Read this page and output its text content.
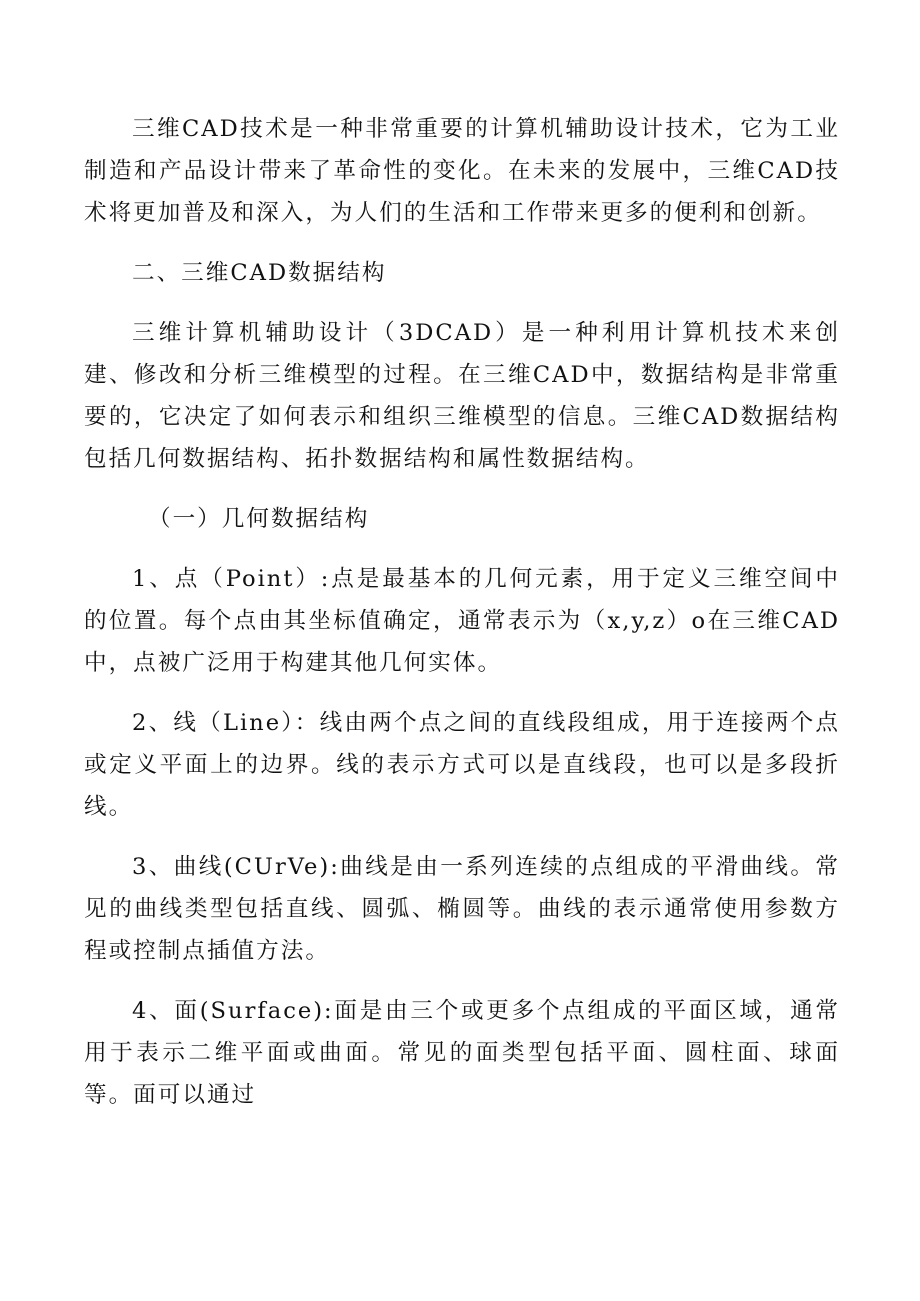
三维CAD技术是一种非常重要的计算机辅助设计技术，它为工业制造和产品设计带来了革命性的变化。在未来的发展中，三维CAD技术将更加普及和深入，为人们的生活和工作带来更多的便利和创新。

二、三维CAD数据结构

三维计算机辅助设计（3DCAD）是一种利用计算机技术来创建、修改和分析三维模型的过程。在三维CAD中，数据结构是非常重要的，它决定了如何表示和组织三维模型的信息。三维CAD数据结构包括几何数据结构、拓扑数据结构和属性数据结构。

（一）几何数据结构

1、点（Point）:点是最基本的几何元素，用于定义三维空间中的位置。每个点由其坐标值确定，通常表示为（x,y,z）o在三维CAD中，点被广泛用于构建其他几何实体。

2、线（Line）：线由两个点之间的直线段组成，用于连接两个点或定义平面上的边界。线的表示方式可以是直线段，也可以是多段折线。

3、曲线(CUrVe):曲线是由一系列连续的点组成的平滑曲线。常见的曲线类型包括直线、圆弧、椭圆等。曲线的表示通常使用参数方程或控制点插值方法。

4、面(Surface):面是由三个或更多个点组成的平面区域，通常用于表示二维平面或曲面。常见的面类型包括平面、圆柱面、球面等。面可以通过
